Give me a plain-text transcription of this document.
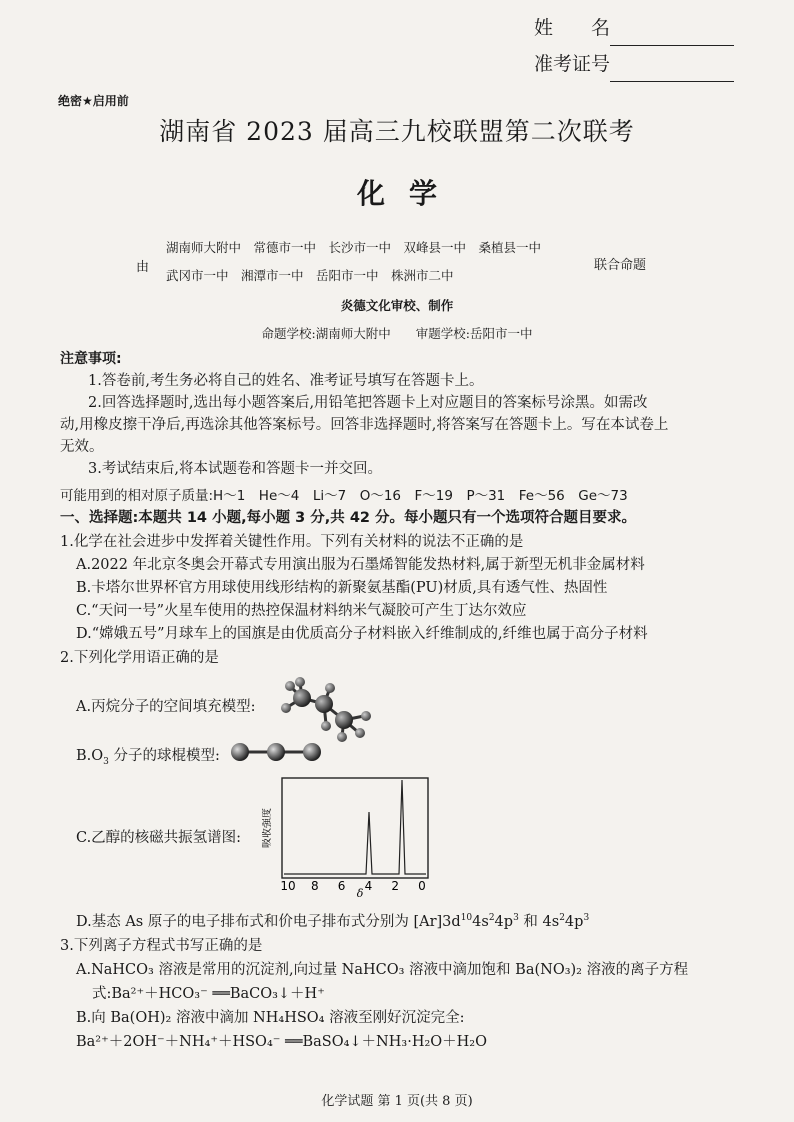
姓　　名
准考证号
绝密★启用前
湖南省 2023 届高三九校联盟第二次联考
化学
由
湖南师大附中　常德市一中　长沙市一中　双峰县一中　桑植县一中
武冈市一中　湘潭市一中　岳阳市一中　株洲市二中
联合命题
炎德文化审校、制作
命题学校:湖南师大附中　　审题学校:岳阳市一中
注意事项:

1.答卷前,考生务必将自己的姓名、准考证号填写在答题卡上。

2.回答选择题时,选出每小题答案后,用铅笔把答题卡上对应题目的答案标号涂黑。如需改

动,用橡皮擦干净后,再选涂其他答案标号。回答非选择题时,将答案写在答题卡上。写在本试卷上

无效。

3.考试结束后,将本试题卷和答题卡一并交回。

可能用到的相对原子质量:H～1　He～4　Li～7　O～16　F～19　P～31　Fe～56　Ge～73
一、选择题:本题共 14 小题,每小题 3 分,共 42 分。每小题只有一个选项符合题目要求。
1.化学在社会进步中发挥着关键性作用。下列有关材料的说法不正确的是
A.2022 年北京冬奥会开幕式专用演出服为石墨烯智能发热材料,属于新型无机非金属材料
B.卡塔尔世界杯官方用球使用线形结构的新聚氨基酯(PU)材质,具有透气性、热固性
C.“天问一号”火星车使用的热控保温材料纳米气凝胶可产生丁达尔效应
D.“嫦娥五号”月球车上的国旗是由优质高分子材料嵌入纤维制成的,纤维也属于高分子材料
2.下列化学用语正确的是
A.丙烷分子的空间填充模型:
$B.O_3$ 分子的球棍模型:
C.乙醇的核磁共振氢谱图: 吸收强度
10 8 6 4 2 0
δ
D.基态 As 原子的电子排布式和价电子排布式分别为 $[Ar]3d^{10}4s^24p^3$ 和 $4s^24p^3$
3.下列离子方程式书写正确的是
A.NaHCO₃ 溶液是常用的沉淀剂,向过量 NaHCO₃ 溶液中滴加饱和 Ba(NO₃)₂ 溶液的离子方程
式:Ba²⁺＋HCO₃⁻ ══BaCO₃↓＋H⁺
B.向 Ba(OH)₂ 溶液中滴加 NH₄HSO₄ 溶液至刚好沉淀完全:
Ba²⁺＋2OH⁻＋NH₄⁺＋HSO₄⁻ ══BaSO₄↓＋NH₃·H₂O＋H₂O
化学试题 第 1 页(共 8 页)
